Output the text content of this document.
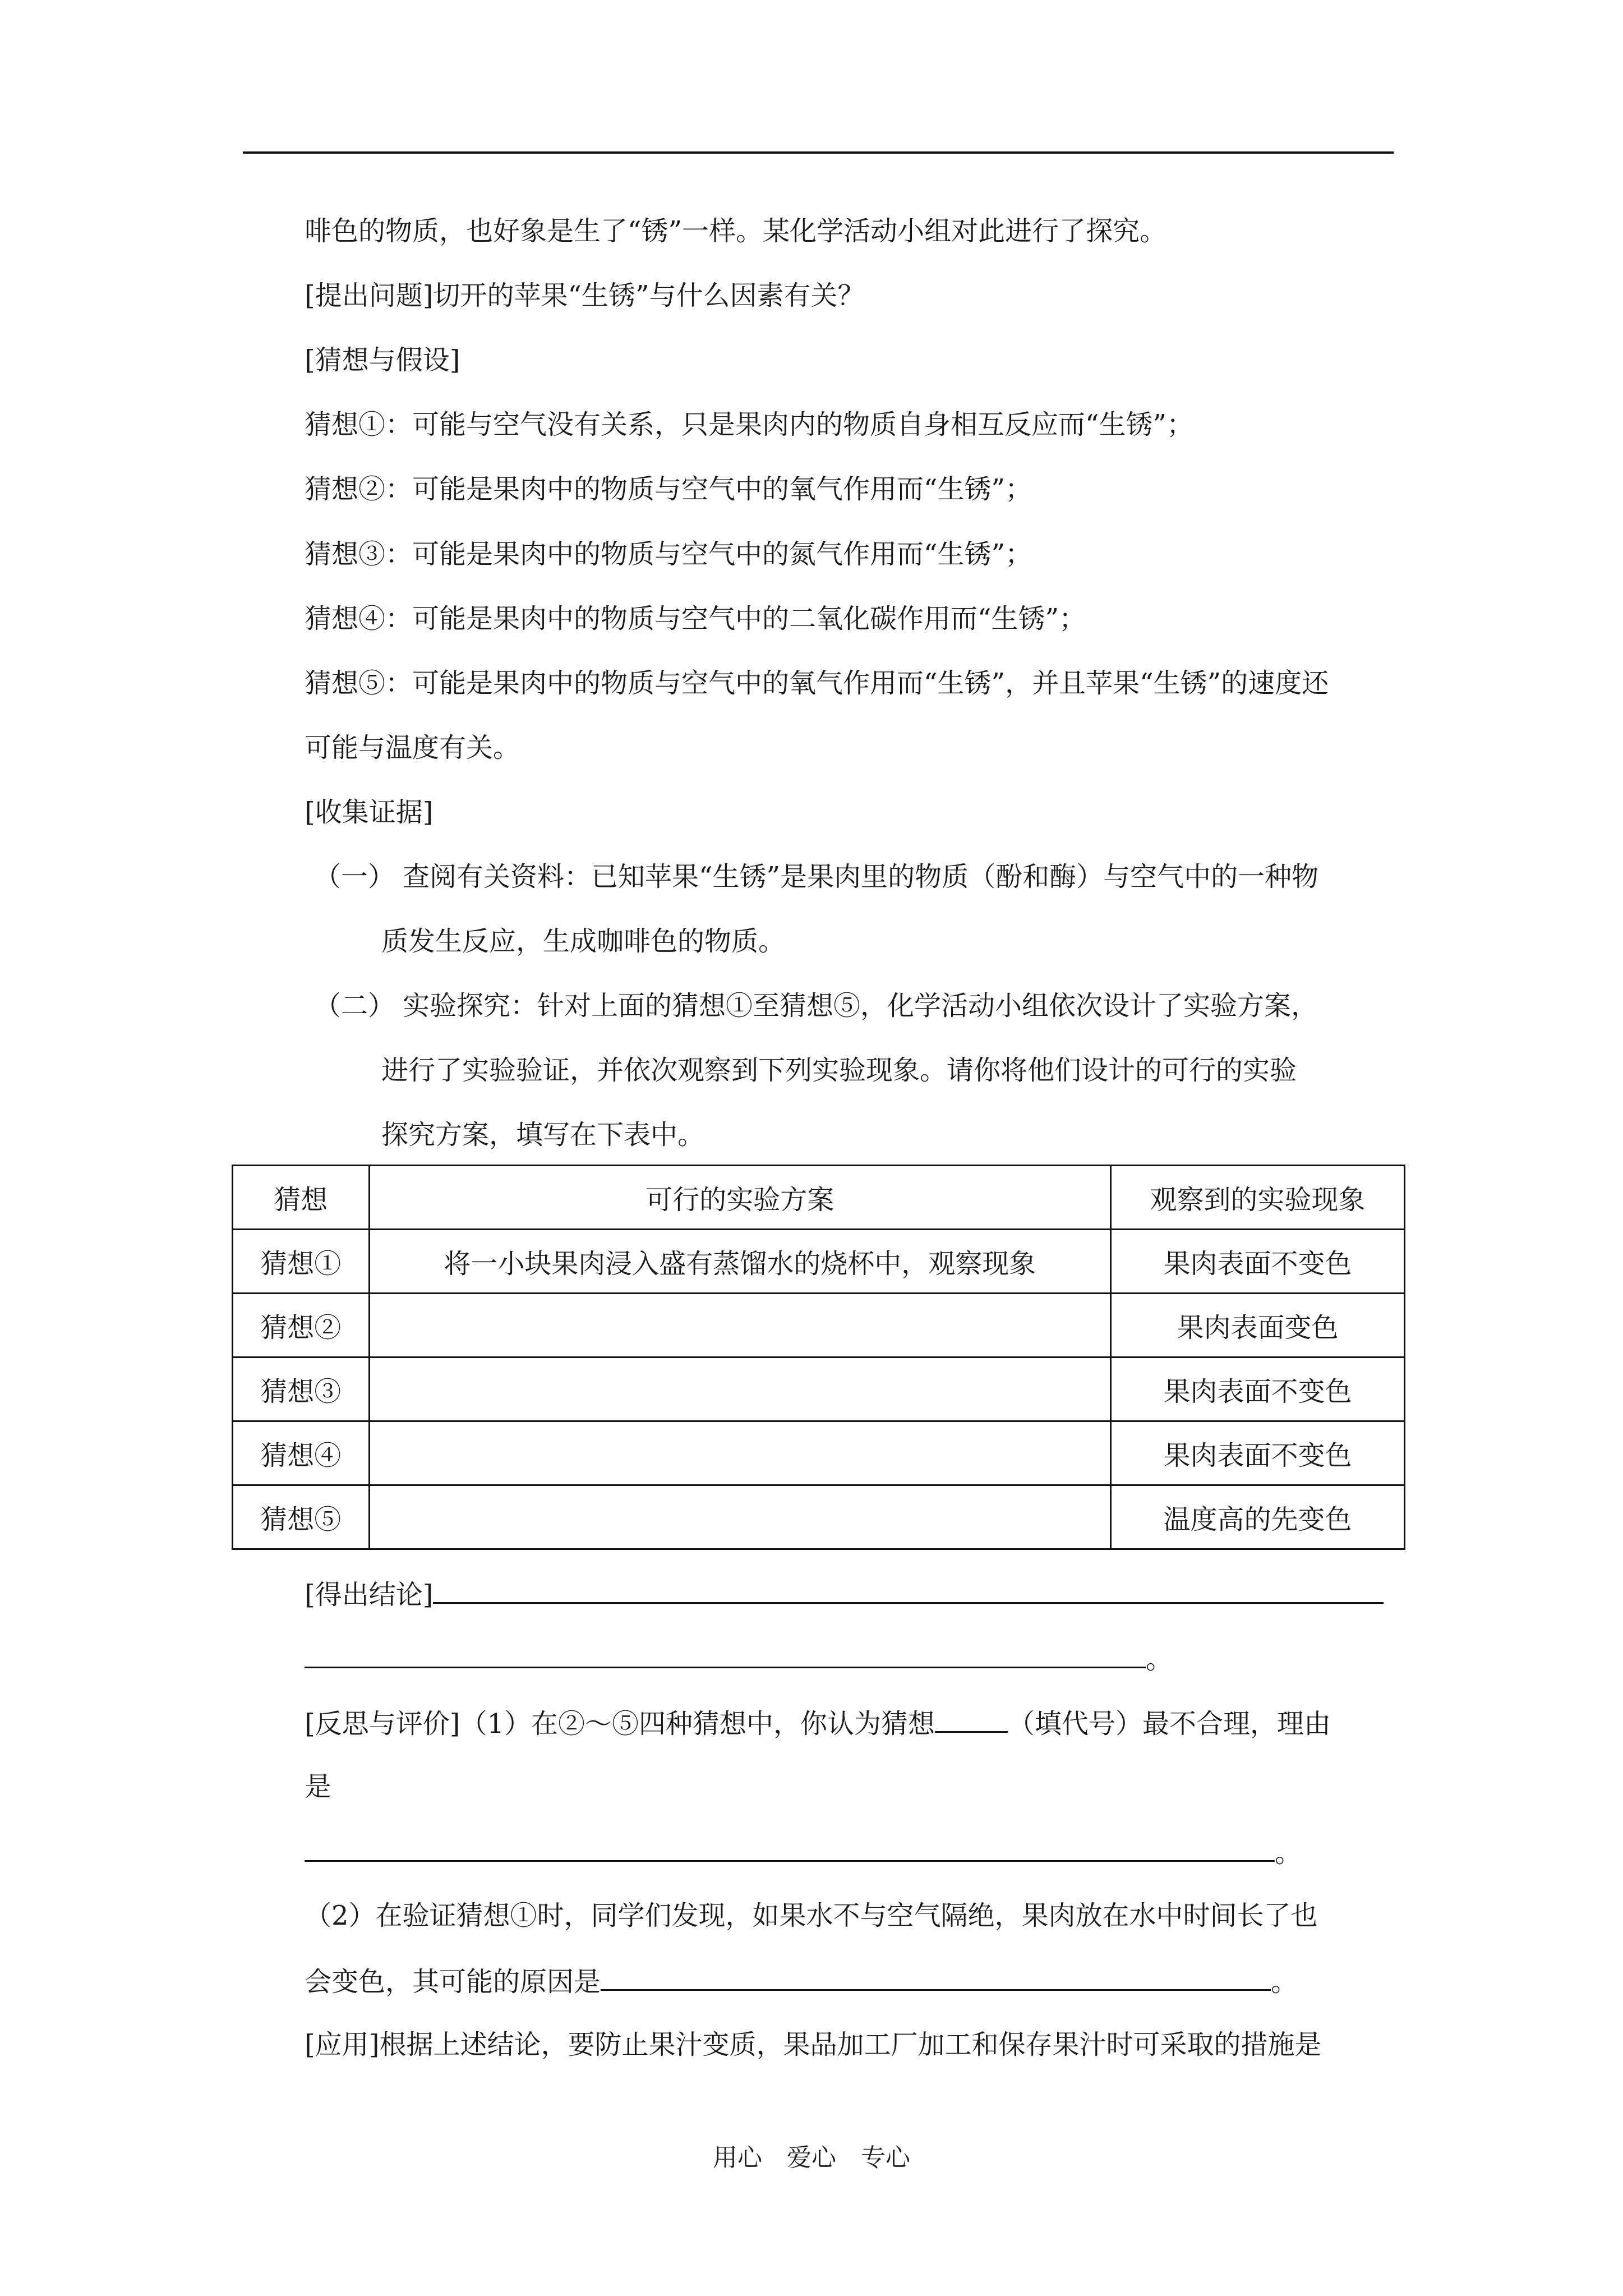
啡色的物质，也好象是生了“锈”一样。某化学活动小组对此进行了探究。
[提出问题]切开的苹果“生锈”与什么因素有关？
[猜想与假设]
猜想①：可能与空气没有关系，只是果肉内的物质自身相互反应而“生锈”；
猜想②：可能是果肉中的物质与空气中的氧气作用而“生锈”；
猜想③：可能是果肉中的物质与空气中的氮气作用而“生锈”；
猜想④：可能是果肉中的物质与空气中的二氧化碳作用而“生锈”；
猜想⑤：可能是果肉中的物质与空气中的氧气作用而“生锈”，并且苹果“生锈”的速度还
可能与温度有关。
[收集证据]
（一） 查阅有关资料：已知苹果“生锈”是果肉里的物质（酚和酶）与空气中的一种物
质发生反应，生成咖啡色的物质。
（二） 实验探究：针对上面的猜想①至猜想⑤，化学活动小组依次设计了实验方案，
进行了实验验证，并依次观察到下列实验现象。请你将他们设计的可行的实验
探究方案，填写在下表中。
猜想	可行的实验方案	观察到的实验现象
猜想①	将一小块果肉浸入盛有蒸馏水的烧杯中，观察现象	果肉表面不变色
猜想②		果肉表面变色
猜想③		果肉表面不变色
猜想④		果肉表面不变色
猜想⑤		温度高的先变色
[得出结论]
。
[反思与评价]（1）在②～⑤四种猜想中，你认为猜想	（填代号）最不合理，理由
是
。
（2）在验证猜想①时，同学们发现，如果水不与空气隔绝，果肉放在水中时间长了也
会变色，其可能的原因是	。
[应用]根据上述结论，要防止果汁变质，果品加工厂加工和保存果汁时可采取的措施是
用心　爱心　专心
